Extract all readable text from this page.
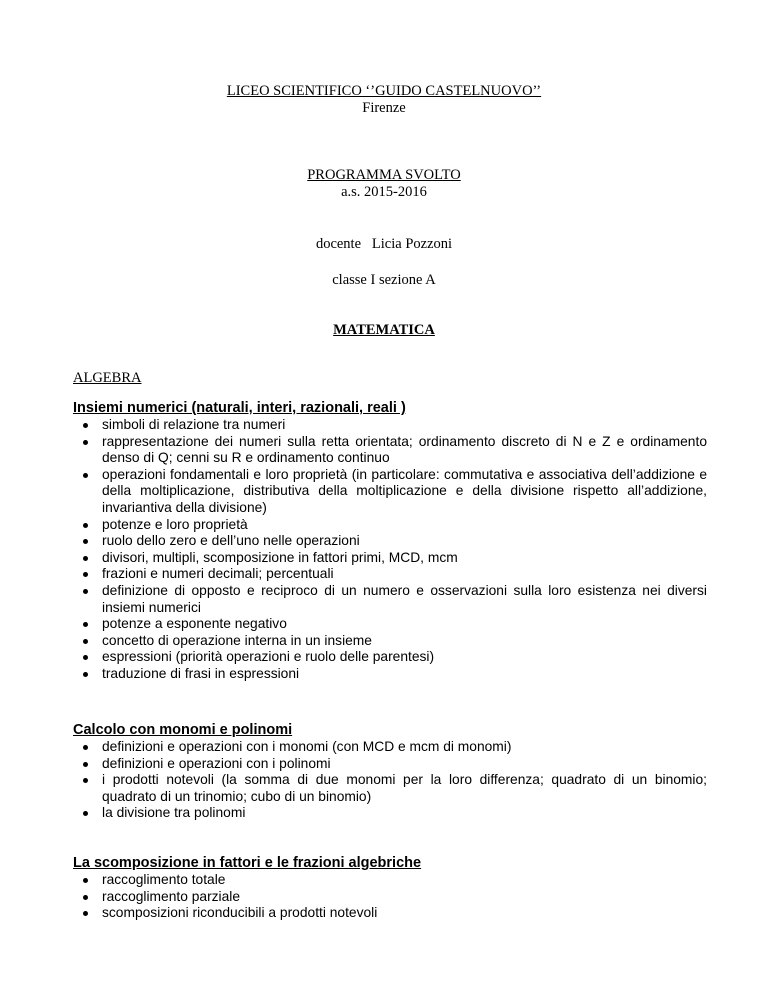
LICEO SCIENTIFICO ‘’GUIDO CASTELNUOVO’’
Firenze
PROGRAMMA SVOLTO
a.s. 2015-2016
docente Licia Pozzoni
classe I sezione A
MATEMATICA
ALGEBRA
Insiemi numerici (naturali, interi, razionali, reali )
simboli di relazione tra numeri
rappresentazione dei numeri sulla retta orientata; ordinamento discreto di N e Z e ordinamento denso di Q; cenni su R e ordinamento continuo
operazioni fondamentali e loro proprietà (in particolare: commutativa e associativa dell’addizione e della moltiplicazione, distributiva della moltiplicazione e della divisione rispetto all’addizione, invariantiva della divisione)
potenze e loro proprietà
ruolo dello zero e dell’uno nelle operazioni
divisori, multipli, scomposizione in fattori primi, MCD, mcm
frazioni e numeri decimali; percentuali
definizione di opposto e reciproco di un numero e osservazioni sulla loro esistenza nei diversi insiemi numerici
potenze a esponente negativo
concetto di operazione interna in un insieme
espressioni (priorità operazioni e ruolo delle parentesi)
traduzione di frasi in espressioni
Calcolo con monomi e polinomi
definizioni e operazioni con i monomi (con MCD e mcm di monomi)
definizioni e operazioni con i polinomi
i prodotti notevoli (la somma di due monomi per la loro differenza; quadrato di un binomio; quadrato di un trinomio; cubo di un binomio)
la divisione tra polinomi
La scomposizione in fattori e le frazioni algebriche
raccoglimento totale
raccoglimento parziale
scomposizioni riconducibili a prodotti notevoli
